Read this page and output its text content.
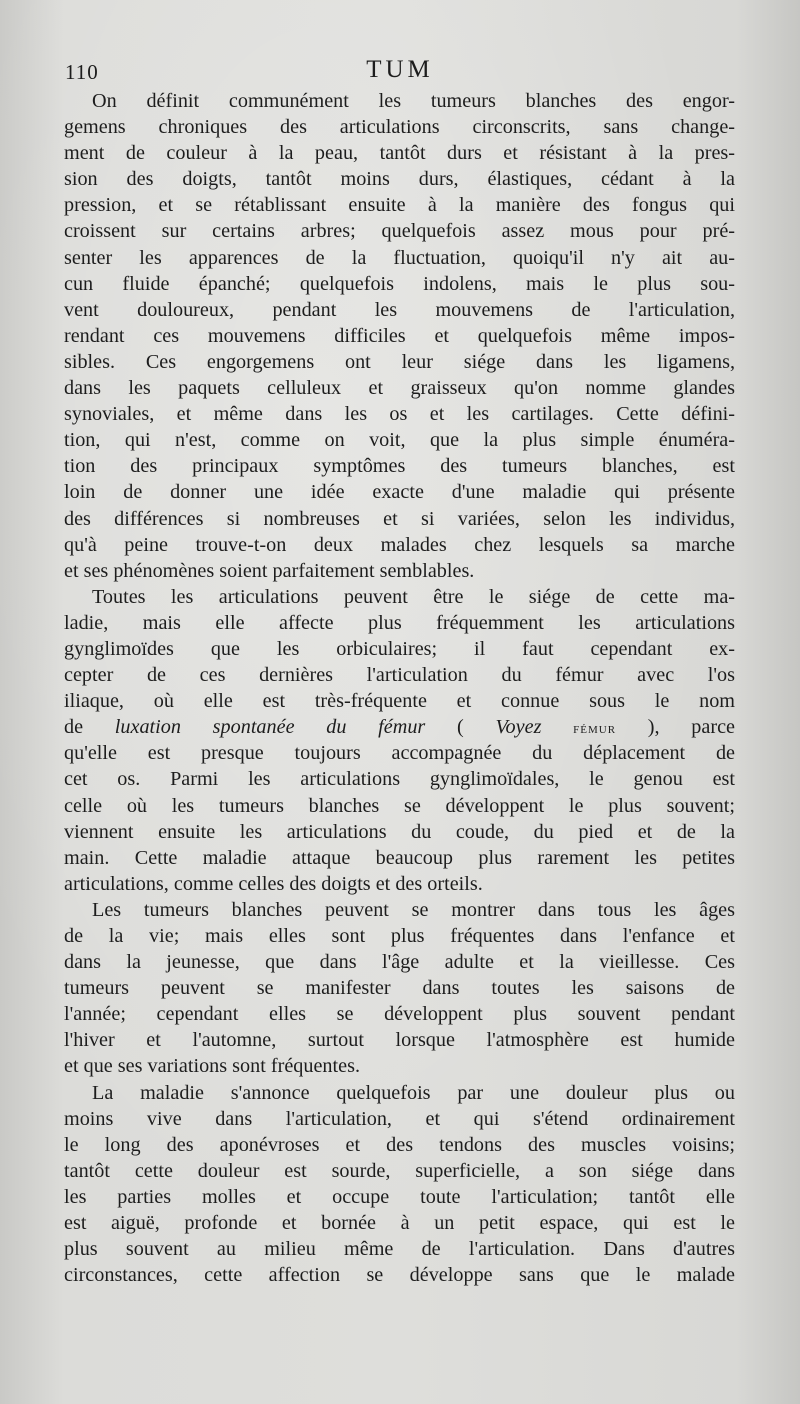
110	TUM
On définit communément les tumeurs blanches des engor-
gemens chroniques des articulations circonscrits, sans change-
ment de couleur à la peau, tantôt durs et résistant à la pres-
sion des doigts, tantôt moins durs, élastiques, cédant à la
pression, et se rétablissant ensuite à la manière des fongus qui
croissent sur certains arbres; quelquefois assez mous pour pré-
senter les apparences de la fluctuation, quoiqu'il n'y ait au-
cun fluide épanché; quelquefois indolens, mais le plus sou-
vent douloureux, pendant les mouvemens de l'articulation,
rendant ces mouvemens difficiles et quelquefois même impos-
sibles. Ces engorgemens ont leur siége dans les ligamens,
dans les paquets celluleux et graisseux qu'on nomme glandes
synoviales, et même dans les os et les cartilages. Cette défini-
tion, qui n'est, comme on voit, que la plus simple énuméra-
tion des principaux symptômes des tumeurs blanches, est
loin de donner une idée exacte d'une maladie qui présente
des différences si nombreuses et si variées, selon les individus,
qu'à peine trouve-t-on deux malades chez lesquels sa marche
et ses phénomènes soient parfaitement semblables.
Toutes les articulations peuvent être le siége de cette ma-
ladie, mais elle affecte plus fréquemment les articulations
gynglimoïdes que les orbiculaires; il faut cependant ex-
cepter de ces dernières l'articulation du fémur avec l'os
iliaque, où elle est très-fréquente et connue sous le nom
de luxation spontanée du fémur ( Voyez fémur ), parce
qu'elle est presque toujours accompagnée du déplacement de
cet os. Parmi les articulations gynglimoïdales, le genou est
celle où les tumeurs blanches se développent le plus souvent;
viennent ensuite les articulations du coude, du pied et de la
main. Cette maladie attaque beaucoup plus rarement les petites
articulations, comme celles des doigts et des orteils.
Les tumeurs blanches peuvent se montrer dans tous les âges
de la vie; mais elles sont plus fréquentes dans l'enfance et
dans la jeunesse, que dans l'âge adulte et la vieillesse. Ces
tumeurs peuvent se manifester dans toutes les saisons de
l'année; cependant elles se développent plus souvent pendant
l'hiver et l'automne, surtout lorsque l'atmosphère est humide
et que ses variations sont fréquentes.
La maladie s'annonce quelquefois par une douleur plus ou
moins vive dans l'articulation, et qui s'étend ordinairement
le long des aponévroses et des tendons des muscles voisins;
tantôt cette douleur est sourde, superficielle, a son siége dans
les parties molles et occupe toute l'articulation; tantôt elle
est aiguë, profonde et bornée à un petit espace, qui est le
plus souvent au milieu même de l'articulation. Dans d'autres
circonstances, cette affection se développe sans que le malade
